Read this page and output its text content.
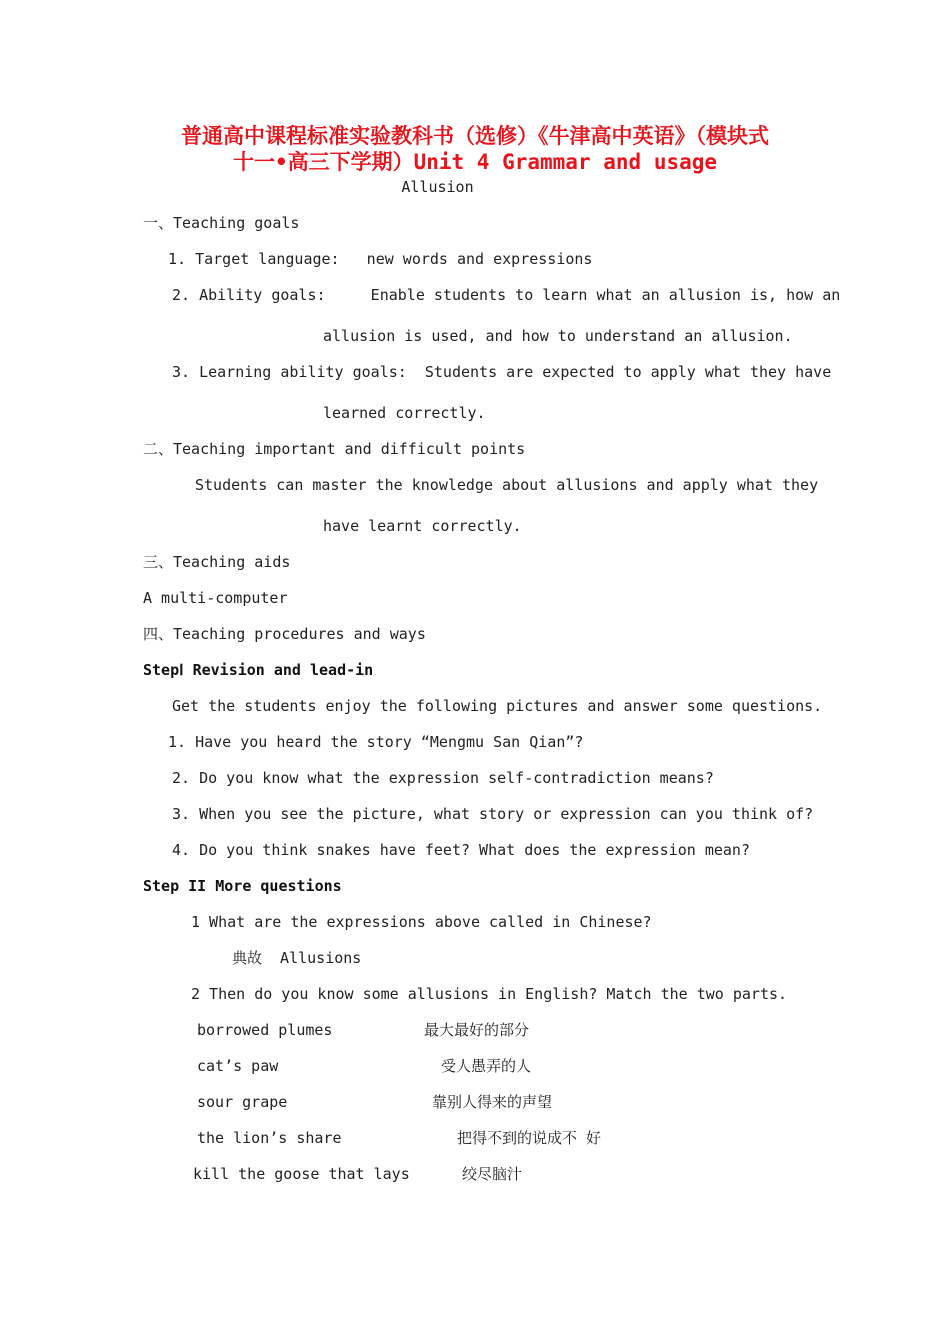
普通高中课程标准实验教科书（选修）《牛津高中英语》（模块式
十一•高三下学期）Unit 4 Grammar and usage
Allusion
一、Teaching goals
1. Target language:   new words and expressions
2. Ability goals:     Enable students to learn what an allusion is, how an
allusion is used, and how to understand an allusion.
3. Learning ability goals:  Students are expected to apply what they have
learned correctly.
二、Teaching important and difficult points
Students can master the knowledge about allusions and apply what they
have learnt correctly.
三、Teaching aids
A multi-computer
四、Teaching procedures and ways
StepⅠ Revision and lead-in
Get the students enjoy the following pictures and answer some questions.
1. Have you heard the story “Mengmu San Qian”?
2. Do you know what the expression self-contradiction means?
3. When you see the picture, what story or expression can you think of?
4. Do you think snakes have feet? What does the expression mean?
Step II More questions
1 What are the expressions above called in Chinese?
典故  Allusions
2 Then do you know some allusions in English? Match the two parts.
borrowed plumes	最大最好的部分
cat’s paw	受人愚弄的人
sour grape	靠别人得来的声望
the lion’s share	把得不到的说成不 好
kill the goose that lays	绞尽脑汁
